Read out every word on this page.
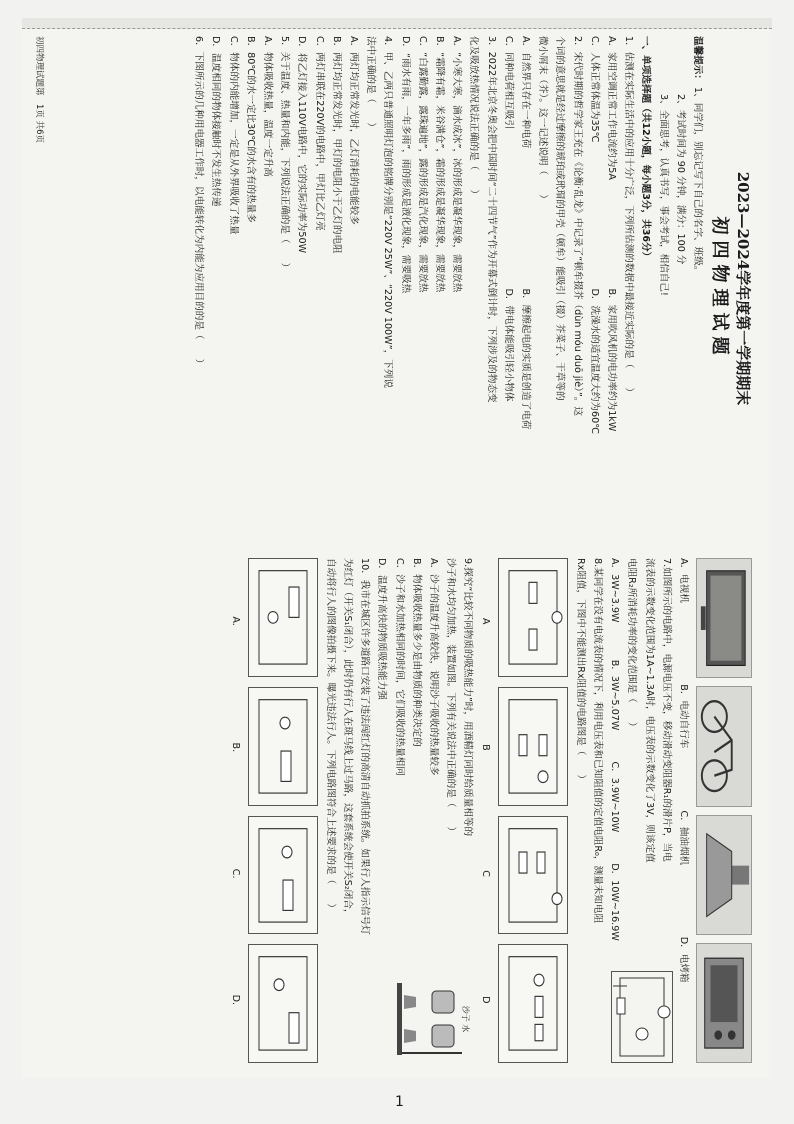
2023—2024学年度第一学期期末
初四物理试题
温馨提示： 1、同学们，别忘记写下自己的名字、班级。
2、考试时间为 90 分钟，满分：100 分
3、全面思考，认真书写，事会考试，相信自己!
一、单项选择题（共12小题，每小题3分，共36分）
1．估测在实际生活中的应用十分广泛，下列所估测的数据中最接近实际的是（　　）
A．家用空调正常工作电流约为5A
B．家用吹风机的电功率约为1kW
C．人体正常体温为35℃
D．洗澡水的适宜温度大约为60℃
2．宋代时期的哲学家王充在《论衡·乱龙》中记录了“顿牟掇芥（dùn móu duō jiè）”。这
个词的意思就是经过摩擦的琥珀或玳瑁的甲壳（顿牟）能吸引（掇）芥菜子、干草等的
微小屑末（芥）。这一记述说明（　　）
A．自然界只存在一种电荷
B．摩擦起电的实质是创造了电荷
C．同种电荷相互吸引
D．带电体能吸引轻小物体
3．2022年北京冬奥会把中国时间“二十四节气”作为开幕式倒计时，下列涉及的物态变
化及吸放热情况说法正确的是（　　）
A．“小寒大寒，滴水成冰”，冰的形成是凝华现象，需要放热
B．“霜降有霜，米谷满仓”，霜的形成是凝华现象，需要放热
C．“白露勤露，露珠遍地”，露的形成是汽化现象，需要放热
D．“雨水有雨，一年多雨”，雨的形成是液化现象，需要吸热
4．甲、乙两只普通照明灯泡的铭牌分别是“220V 25W”、“220V 100W”，下列说
法中正确的是（　　）
A．两灯均正常发光时，乙灯消耗的电能较多
B．两灯均正常发光时，甲灯的电阻小于乙灯的电阻
C．两灯串联在220V的电路中，甲灯比乙灯亮
D．将乙灯接入110V电路中，它的实际功率为50W
5．关于温度、热量和内能，下列说法正确的是（　　）
A．物体吸收热量，温度一定升高
B．80℃的水一定比30℃的水含有的热量多
C．物体的内能增加，一定是从外界吸收了热量
D．温度相同的物体接触时不发生热传递
6．下图所示的几种用电器工作时，以电能转化为内能为应用目的的是（　　）
A．电视机
B．电动自行车
C．抽油烟机
D．电烤箱
7.如图所示的电路中，电源电压不变，移动滑动变阻器R₁的滑片P，当电
流表的示数变化范围为1A~1.3A时，电压表的示数变化了3V，则该定值
电阻R₂所消耗功率的变化范围是（　　）
A．3W~3.9W
B．3W~5.07W
C．3.9W~10W
D．10W~16.9W
8.某同学在没有电流表的情况下，利用电压表和已知阻值的定值电阻R₀，测量未知电阻
Rx阻值，下图中不能测出Rx阻值的电路图是（　　）
A
B
C
D
沙子 水
9.探究“比较不同物质的吸热能力”时，用酒精灯同时给质量相等的
沙子和水均匀加热，装置如图。下列有关说法中正确的是（　　）
A．沙子的温度升高较快，说明沙子吸收的热量较多
B．物体吸收热量多少是由物质的种类决定的
C．沙子和水加热相同的时间，它们吸收的热量相同
D．温度升高快的物质吸热能力强
10．我市在城区许多道路口安装了违法闯红灯的高清自动抓拍系统。如果行人指示信号灯
为红灯（开关S₁闭合），此时仍有行人在斑马线上过马路，这套系统会使开关S₂闭合，
自动将行人的图像拍摄下来。曝光违法行人。下列电路图符合上述要求的是（　　）
A.
B.
C.
D.
初四物理试题第　1页 共6页
1
